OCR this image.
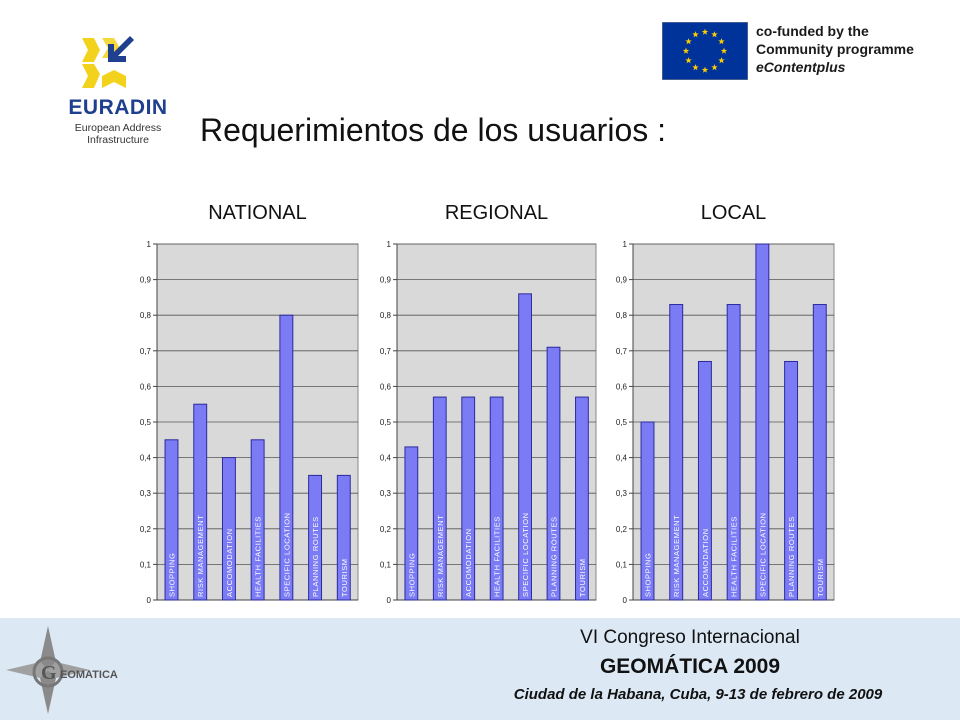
EURADIN
European Address
Infrastructure
co-funded by the
Community programme
eContentplus
Requerimientos de los usuarios :
NATIONAL
0
0,1
0,2
0,3
0,4
0,5
0,6
0,7
0,8
0,9
1
SHOPPING	RISK MANAGEMENT	ACCOMODATION	HEALTH FACILITIES	SPECIFIC LOCATION	PLANNING ROUTES	TOURISM
REGIONAL
0
0,1
0,2
0,3
0,4
0,5
0,6
0,7
0,8
0,9
1
SHOPPING	RISK MANAGEMENT	ACCOMODATION	HEALTH FACILITIES	SPECIFIC LOCATION	PLANNING ROUTES	TOURISM
LOCAL
0
0,1
0,2
0,3
0,4
0,5
0,6
0,7
0,8
0,9
1
SHOPPING	RISK MANAGEMENT	ACCOMODATION	HEALTH FACILITIES	SPECIFIC LOCATION	PLANNING ROUTES	TOURISM
G EOMATICA
VI Congreso Internacional
GEOMÁTICA 2009
Ciudad de la Habana, Cuba, 9-13 de febrero de 2009
